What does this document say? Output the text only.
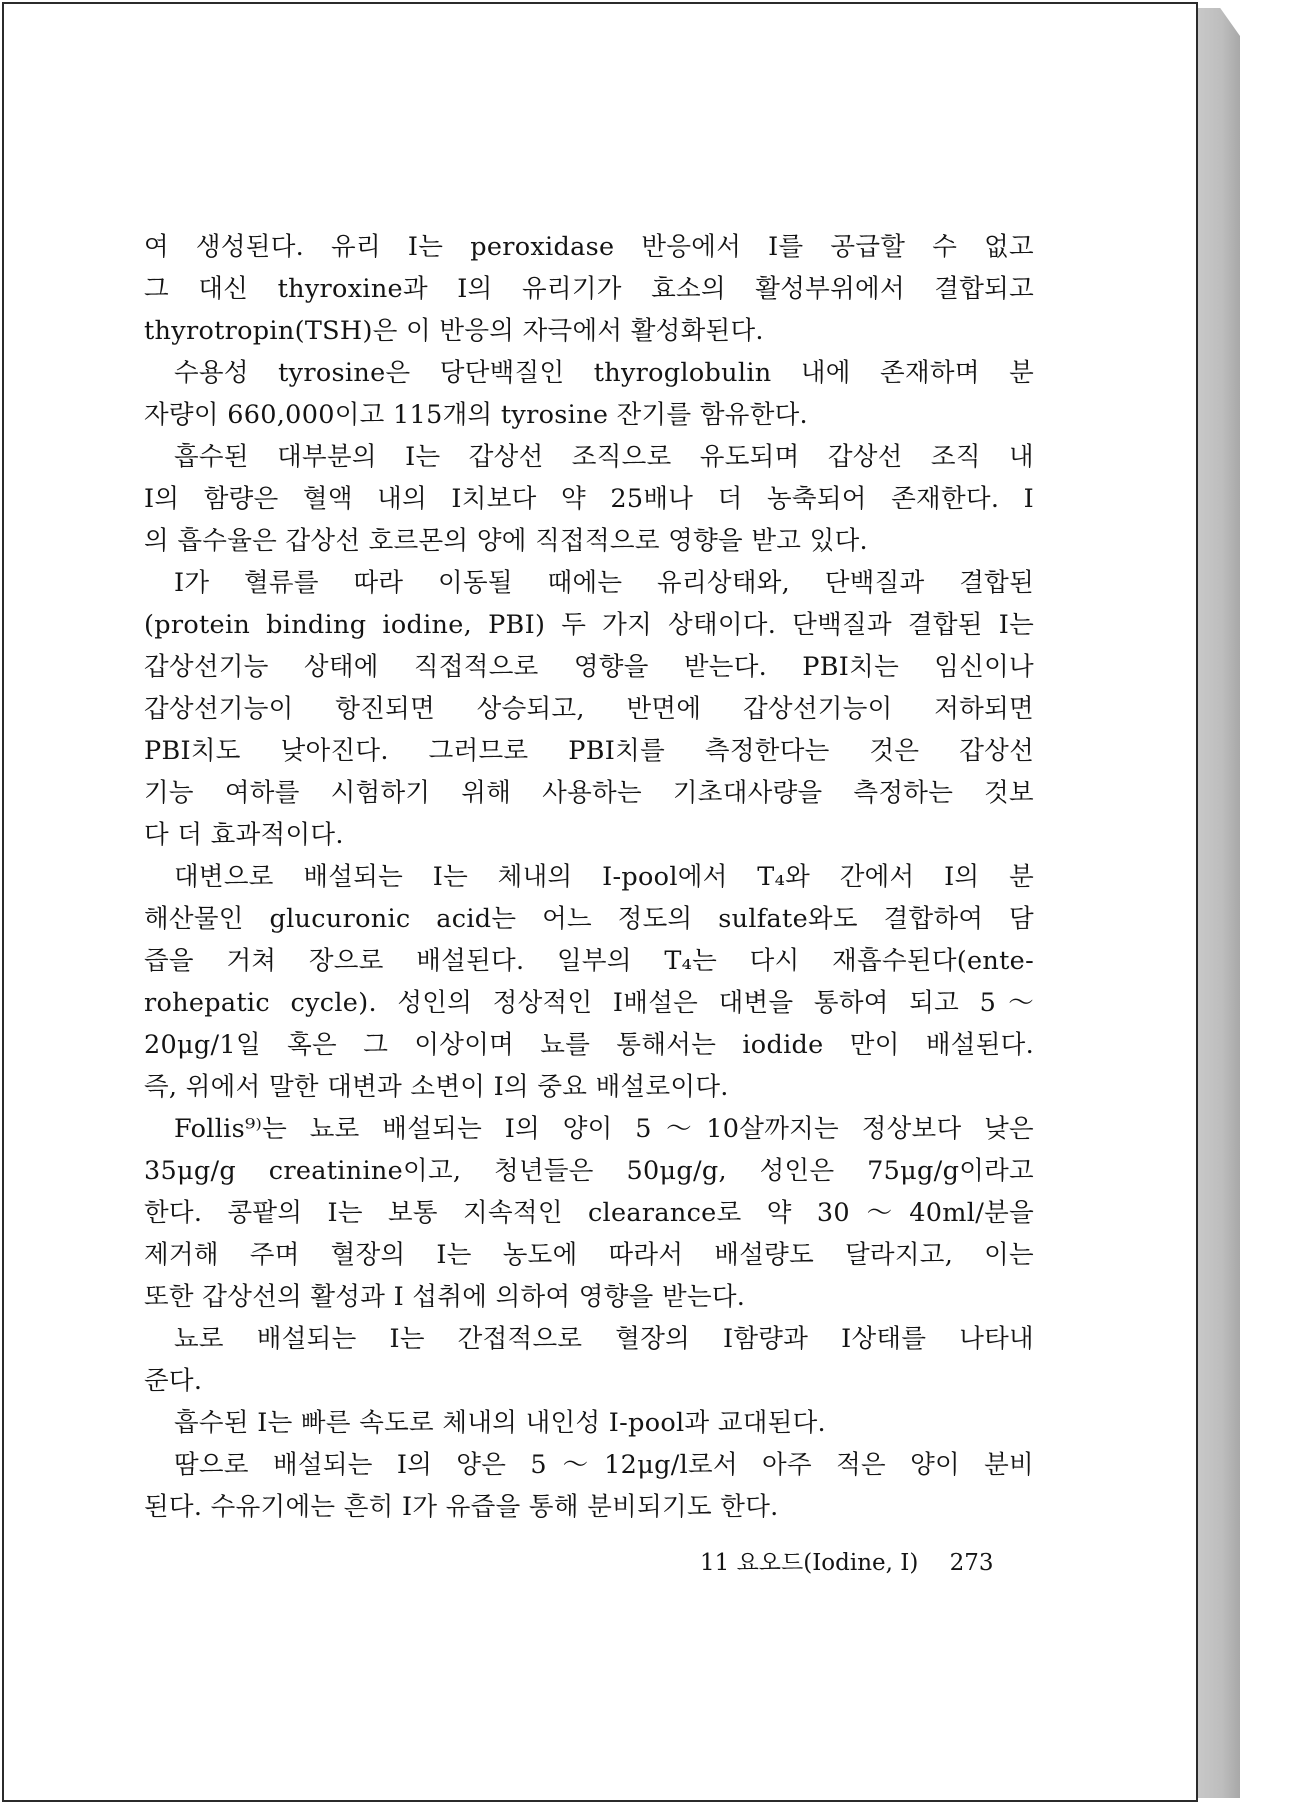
여 생성된다. 유리 I는 peroxidase 반응에서 I를 공급할 수 없고
그 대신 thyroxine과 I의 유리기가 효소의 활성부위에서 결합되고
thyrotropin(TSH)은 이 반응의 자극에서 활성화된다.
수용성 tyrosine은 당단백질인 thyroglobulin 내에 존재하며 분
자량이 660,000이고 115개의 tyrosine 잔기를 함유한다.
흡수된 대부분의 I는 갑상선 조직으로 유도되며 갑상선 조직 내
I의 함량은 혈액 내의 I치보다 약 25배나 더 농축되어 존재한다. I
의 흡수율은 갑상선 호르몬의 양에 직접적으로 영향을 받고 있다.
I가 혈류를 따라 이동될 때에는 유리상태와, 단백질과 결합된
(protein binding iodine, PBI) 두 가지 상태이다. 단백질과 결합된 I는
갑상선기능 상태에 직접적으로 영향을 받는다. PBI치는 임신이나
갑상선기능이 항진되면 상승되고, 반면에 갑상선기능이 저하되면
PBI치도 낮아진다. 그러므로 PBI치를 측정한다는 것은 갑상선
기능 여하를 시험하기 위해 사용하는 기초대사량을 측정하는 것보
다 더 효과적이다.
대변으로 배설되는 I는 체내의 I-pool에서 T₄와 간에서 I의 분
해산물인 glucuronic acid는 어느 정도의 sulfate와도 결합하여 담
즙을 거쳐 장으로 배설된다. 일부의 T₄는 다시 재흡수된다(ente-
rohepatic cycle). 성인의 정상적인 I배설은 대변을 통하여 되고 5～
20μg/1일 혹은 그 이상이며 뇨를 통해서는 iodide 만이 배설된다.
즉, 위에서 말한 대변과 소변이 I의 중요 배설로이다.
Follis⁹⁾는 뇨로 배설되는 I의 양이 5～10살까지는 정상보다 낮은
35μg/g creatinine이고, 청년들은 50μg/g, 성인은 75μg/g이라고
한다. 콩팥의 I는 보통 지속적인 clearance로 약 30～40ml/분을
제거해 주며 혈장의 I는 농도에 따라서 배설량도 달라지고, 이는
또한 갑상선의 활성과 I 섭취에 의하여 영향을 받는다.
뇨로 배설되는 I는 간접적으로 혈장의 I함량과 I상태를 나타내
준다.
흡수된 I는 빠른 속도로 체내의 내인성 I-pool과 교대된다.
땀으로 배설되는 I의 양은 5～12μg/l로서 아주 적은 양이 분비
된다. 수유기에는 흔히 I가 유즙을 통해 분비되기도 한다.
11 요오드(Iodine, I) 273
